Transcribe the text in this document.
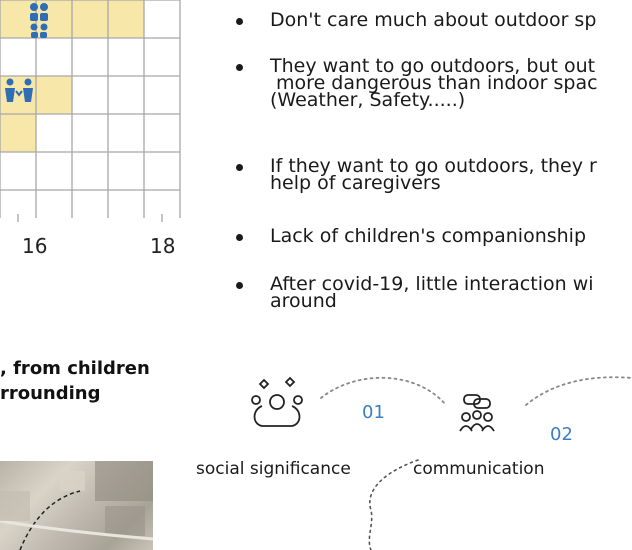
16	18
Don't care much about outdoor sp
They want to go outdoors, but out
more dangerous than indoor spac
(Weather, Safety.....)
If they want to go outdoors, they r
help of caregivers
Lack of children's companionship
After covid-19, little interaction wi
around
, from children
rrounding
01
02
social significance	communication
